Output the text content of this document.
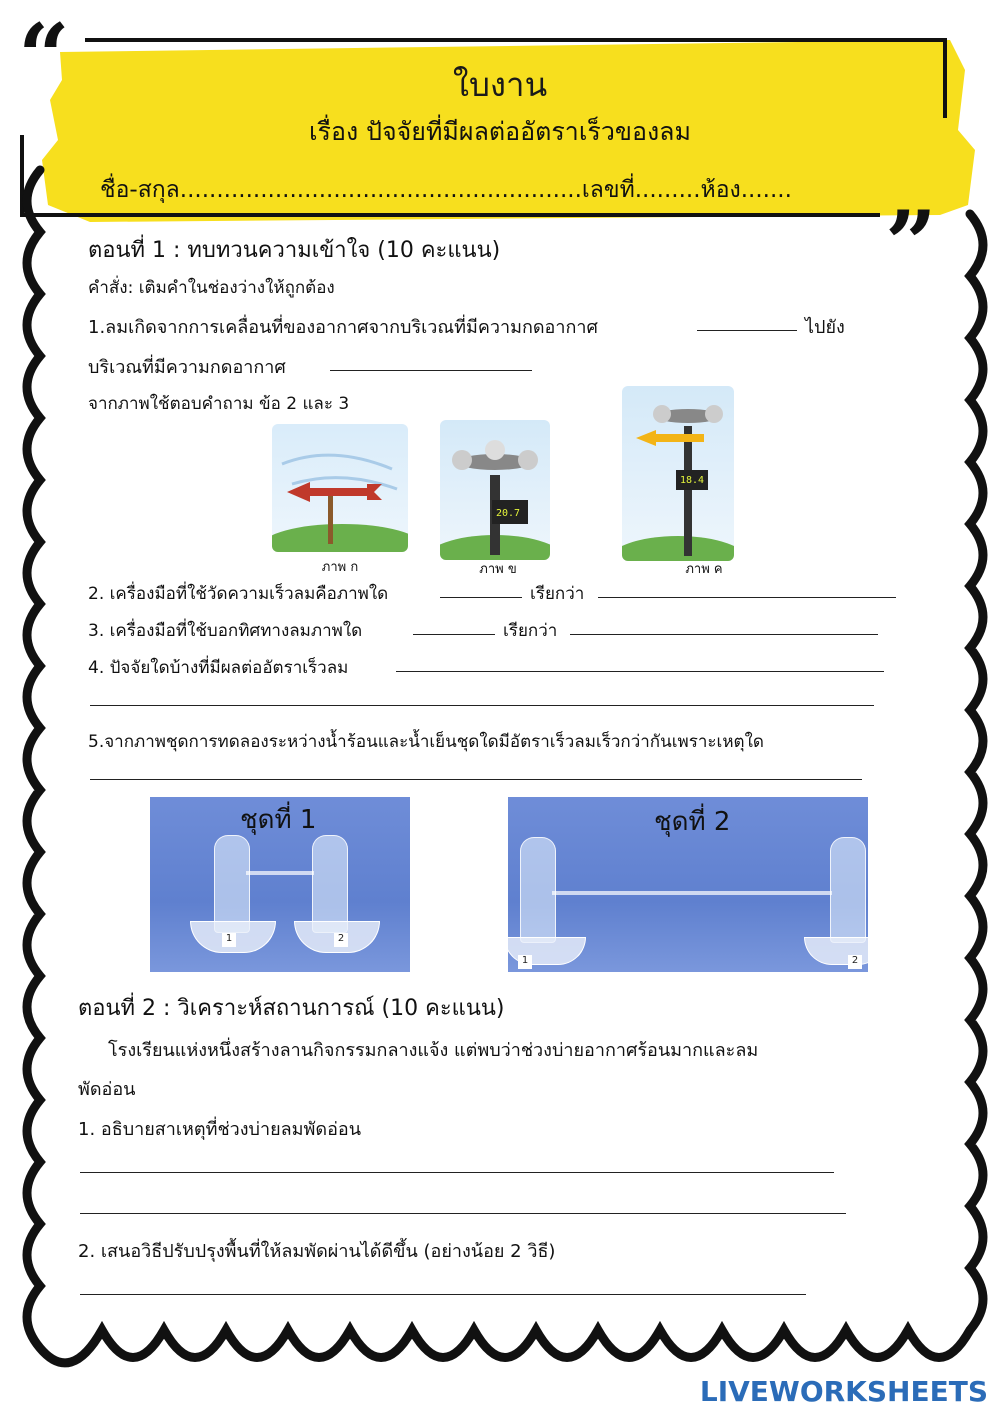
“
”
ใบงาน
เรื่อง ปัจจัยที่มีผลต่ออัตราเร็วของลม
ชื่อ-สกุล.......................................................เลขที่.........ห้อง.......
ตอนที่ 1 : ทบทวนความเข้าใจ (10 คะแนน)
คำสั่ง: เติมคำในช่องว่างให้ถูกต้อง
1.ลมเกิดจากการเคลื่อนที่ของอากาศจากบริเวณที่มีความกดอากาศ	ไปยัง
บริเวณที่มีความกดอากาศ
จากภาพใช้ตอบคำถาม ข้อ 2 และ 3
ภาพ ก
20.7
ภาพ ข
18.4
ภาพ ค
2. เครื่องมือที่ใช้วัดความเร็วลมคือภาพใด	เรียกว่า
3. เครื่องมือที่ใช้บอกทิศทางลมภาพใด	เรียกว่า
4. ปัจจัยใดบ้างที่มีผลต่ออัตราเร็วลม
5.จากภาพชุดการทดลองระหว่างน้ำร้อนและน้ำเย็นชุดใดมีอัตราเร็วลมเร็วกว่ากันเพราะเหตุใด
ชุดที่ 1
1	2
ชุดที่ 2
1	2
ตอนที่ 2 : วิเคราะห์สถานการณ์ (10 คะแนน)
โรงเรียนแห่งหนึ่งสร้างลานกิจกรรมกลางแจ้ง แต่พบว่าช่วงบ่ายอากาศร้อนมากและลม
พัดอ่อน
1. อธิบายสาเหตุที่ช่วงบ่ายลมพัดอ่อน
2. เสนอวิธีปรับปรุงพื้นที่ให้ลมพัดผ่านได้ดีขึ้น (อย่างน้อย 2 วิธี)
LIVEWORKSHEETS
